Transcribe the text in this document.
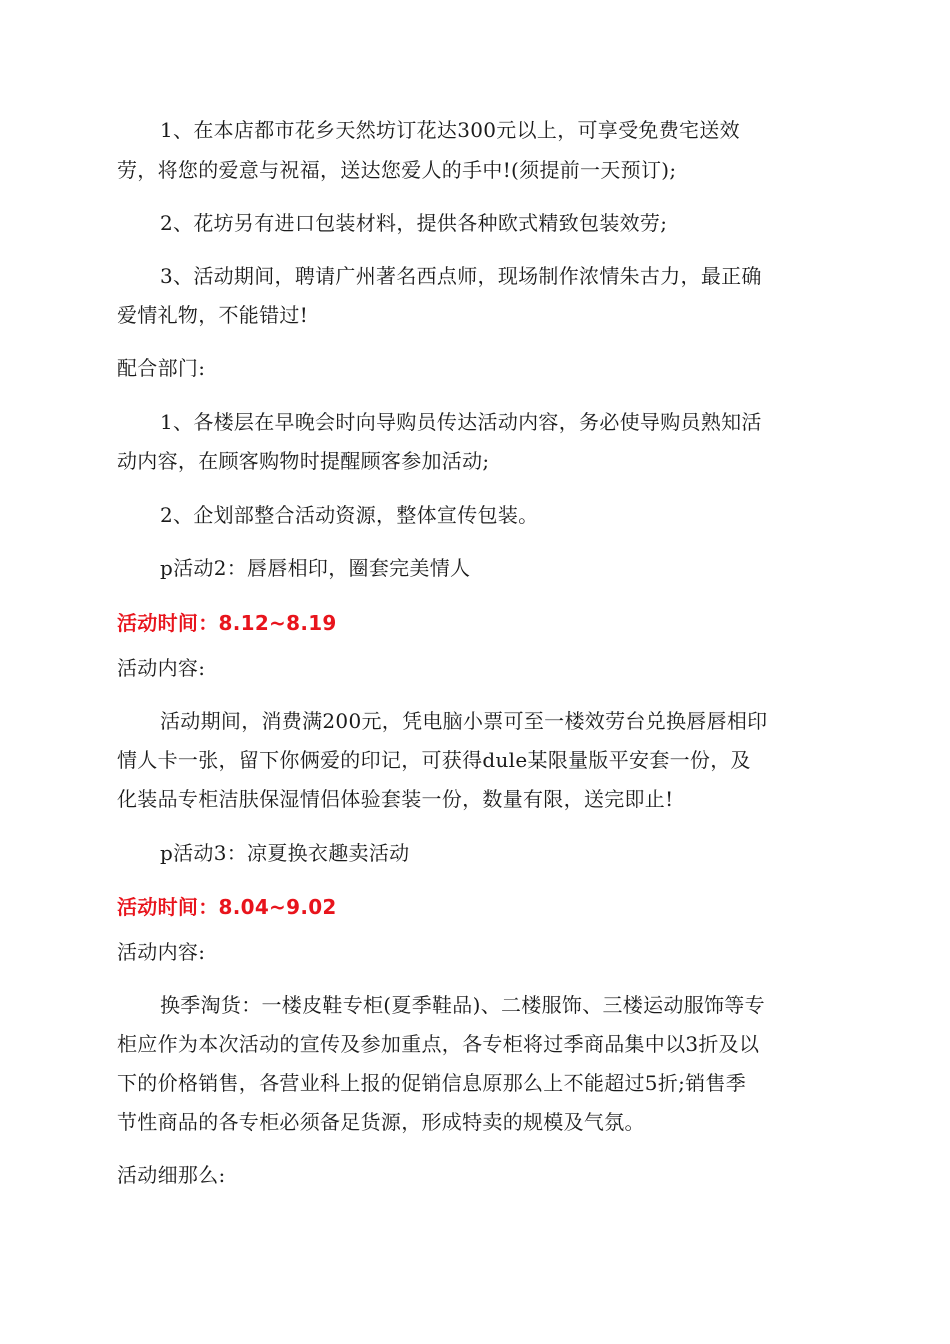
1、在本店都市花乡天然坊订花达300元以上，可享受免费宅送效
劳，将您的爱意与祝福，送达您爱人的手中!(须提前一天预订);
2、花坊另有进口包装材料，提供各种欧式精致包装效劳;
3、活动期间，聘请广州著名西点师，现场制作浓情朱古力，最正确
爱情礼物，不能错过!
配合部门:
1、各楼层在早晚会时向导购员传达活动内容，务必使导购员熟知活
动内容，在顾客购物时提醒顾客参加活动;
2、企划部整合活动资源，整体宣传包装。
p活动2：唇唇相印，圈套完美情人
活动时间：8.12~8.19
活动内容:
活动期间，消费满200元，凭电脑小票可至一楼效劳台兑换唇唇相印
情人卡一张，留下你俩爱的印记，可获得dule某限量版平安套一份，及
化装品专柜洁肤保湿情侣体验套装一份，数量有限，送完即止!
p活动3：凉夏换衣趣卖活动
活动时间：8.04~9.02
活动内容:
换季淘货：一楼皮鞋专柜(夏季鞋品)、二楼服饰、三楼运动服饰等专
柜应作为本次活动的宣传及参加重点，各专柜将过季商品集中以3折及以
下的价格销售，各营业科上报的促销信息原那么上不能超过5折;销售季
节性商品的各专柜必须备足货源，形成特卖的规模及气氛。
活动细那么:
